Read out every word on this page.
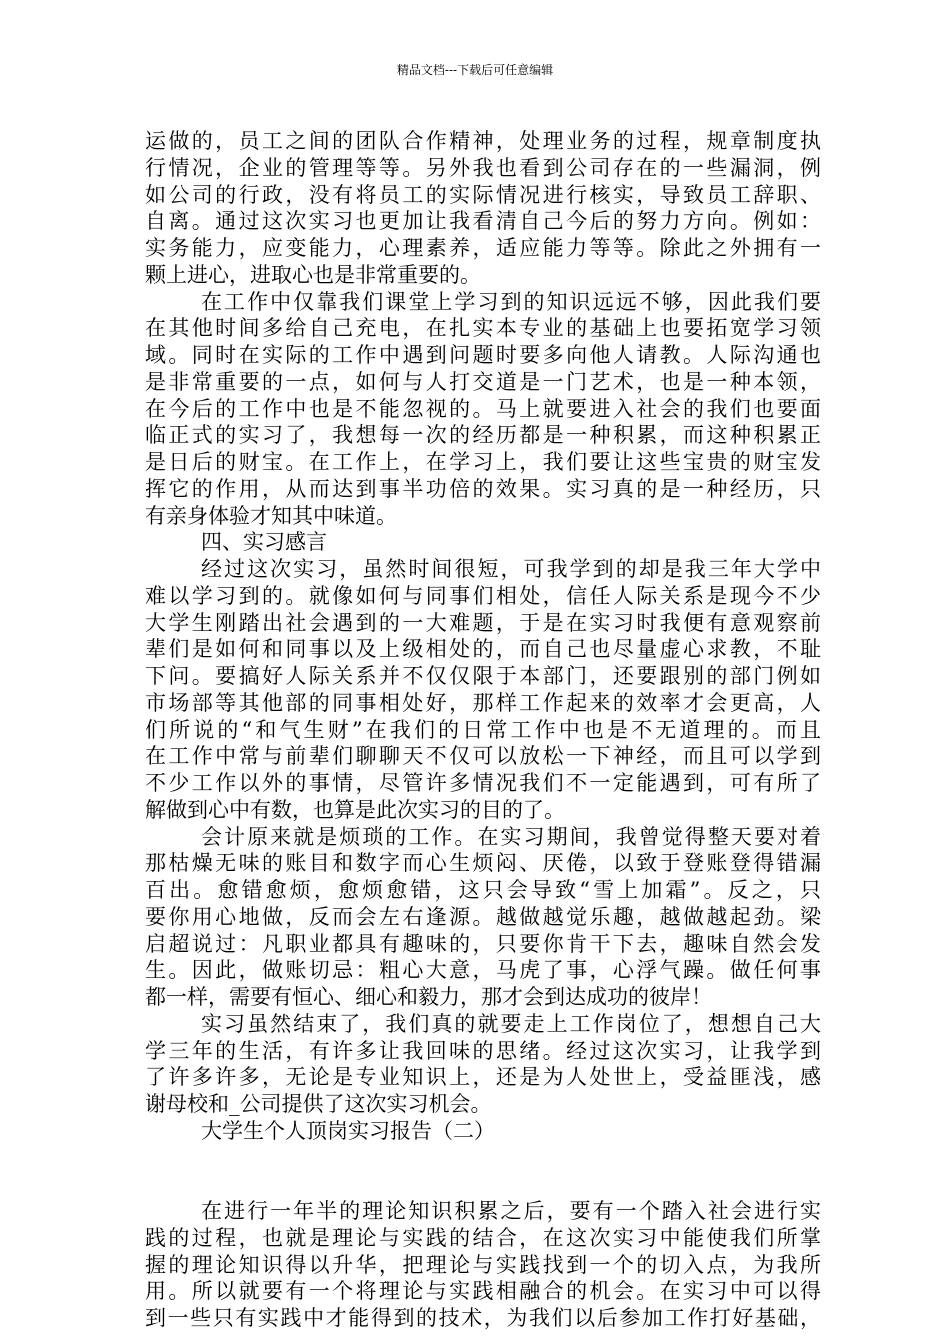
精品文档---下载后可任意编辑
运做的，员工之间的团队合作精神，处理业务的过程，规章制度执
行情况，企业的管理等等。另外我也看到公司存在的一些漏洞，例
如公司的行政，没有将员工的实际情况进行核实，导致员工辞职、
自离。通过这次实习也更加让我看清自己今后的努力方向。例如：
实务能力，应变能力，心理素养，适应能力等等。除此之外拥有一
颗上进心，进取心也是非常重要的。
在工作中仅靠我们课堂上学习到的知识远远不够，因此我们要
在其他时间多给自己充电，在扎实本专业的基础上也要拓宽学习领
域。同时在实际的工作中遇到问题时要多向他人请教。人际沟通也
是非常重要的一点，如何与人打交道是一门艺术，也是一种本领，
在今后的工作中也是不能忽视的。马上就要进入社会的我们也要面
临正式的实习了，我想每一次的经历都是一种积累，而这种积累正
是日后的财宝。在工作上，在学习上，我们要让这些宝贵的财宝发
挥它的作用，从而达到事半功倍的效果。实习真的是一种经历，只
有亲身体验才知其中味道。
四、实习感言
经过这次实习，虽然时间很短，可我学到的却是我三年大学中
难以学习到的。就像如何与同事们相处，信任人际关系是现今不少
大学生刚踏出社会遇到的一大难题，于是在实习时我便有意观察前
辈们是如何和同事以及上级相处的，而自己也尽量虚心求教，不耻
下问。要搞好人际关系并不仅仅限于本部门，还要跟别的部门例如
市场部等其他部的同事相处好，那样工作起来的效率才会更高，人
们所说的“和气生财”在我们的日常工作中也是不无道理的。而且
在工作中常与前辈们聊聊天不仅可以放松一下神经，而且可以学到
不少工作以外的事情，尽管许多情况我们不一定能遇到，可有所了
解做到心中有数，也算是此次实习的目的了。
会计原来就是烦琐的工作。在实习期间，我曾觉得整天要对着
那枯燥无味的账目和数字而心生烦闷、厌倦，以致于登账登得错漏
百出。愈错愈烦，愈烦愈错，这只会导致“雪上加霜”。反之，只
要你用心地做，反而会左右逢源。越做越觉乐趣，越做越起劲。梁
启超说过：凡职业都具有趣味的，只要你肯干下去，趣味自然会发
生。因此，做账切忌：粗心大意，马虎了事，心浮气躁。做任何事
都一样，需要有恒心、细心和毅力，那才会到达成功的彼岸！
实习虽然结束了，我们真的就要走上工作岗位了，想想自己大
学三年的生活，有许多让我回味的思绪。经过这次实习，让我学到
了许多许多，无论是专业知识上，还是为人处世上，受益匪浅，感
谢母校和_公司提供了这次实习机会。
大学生个人顶岗实习报告（二）
在进行一年半的理论知识积累之后，要有一个踏入社会进行实
践的过程，也就是理论与实践的结合，在这次实习中能使我们所掌
握的理论知识得以升华，把理论与实践找到一个的切入点，为我所
用。所以就要有一个将理论与实践相融合的机会。在实习中可以得
到一些只有实践中才能得到的技术，为我们以后参加工作打好基础，
